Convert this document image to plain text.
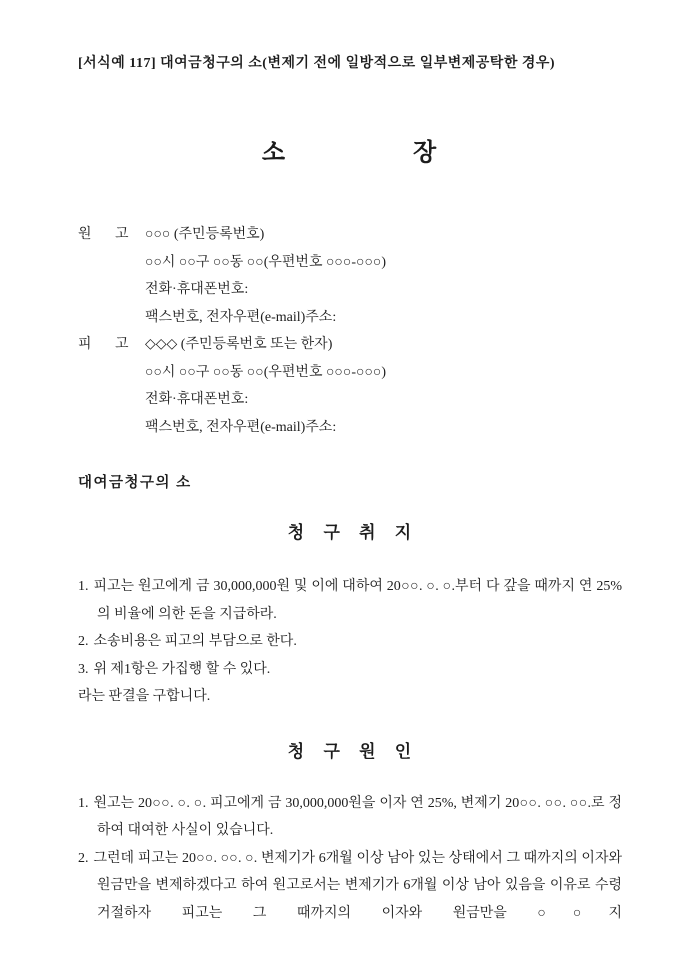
[서식예 117] 대여금청구의 소(변제기 전에 일방적으로 일부변제공탁한 경우)
소 장
원 고	○○○ (주민등록번호)
○○시 ○○구 ○○동 ○○(우편번호 ○○○-○○○)
전화·휴대폰번호:
팩스번호, 전자우편(e-mail)주소:
피 고	◇◇◇ (주민등록번호 또는 한자)
○○시 ○○구 ○○동 ○○(우편번호 ○○○-○○○)
전화·휴대폰번호:
팩스번호, 전자우편(e-mail)주소:
대여금청구의 소
청 구 취 지

1. 피고는 원고에게 금 30,000,000원 및 이에 대하여 20○○. ○. ○.부터 다 갚을 때까지 연 25%의 비율에 의한 돈을 지급하라.

2. 소송비용은 피고의 부담으로 한다.

3. 위 제1항은 가집행 할 수 있다.

라는 판결을 구합니다.

청 구 원 인

1. 원고는 20○○. ○. ○. 피고에게 금 30,000,000원을 이자 연 25%, 변제기 20○○. ○○. ○○.로 정하여 대여한 사실이 있습니다.

2. 그런데 피고는 20○○. ○○. ○. 변제기가 6개월 이상 남아 있는 상태에서 그 때까지의 이자와 원금만을 변제하겠다고 하여 원고로서는 변제기가 6개월 이상 남아 있음을 이유로 수령거절하자 피고는 그 때까지의 이자와 원금만을 ○○지
